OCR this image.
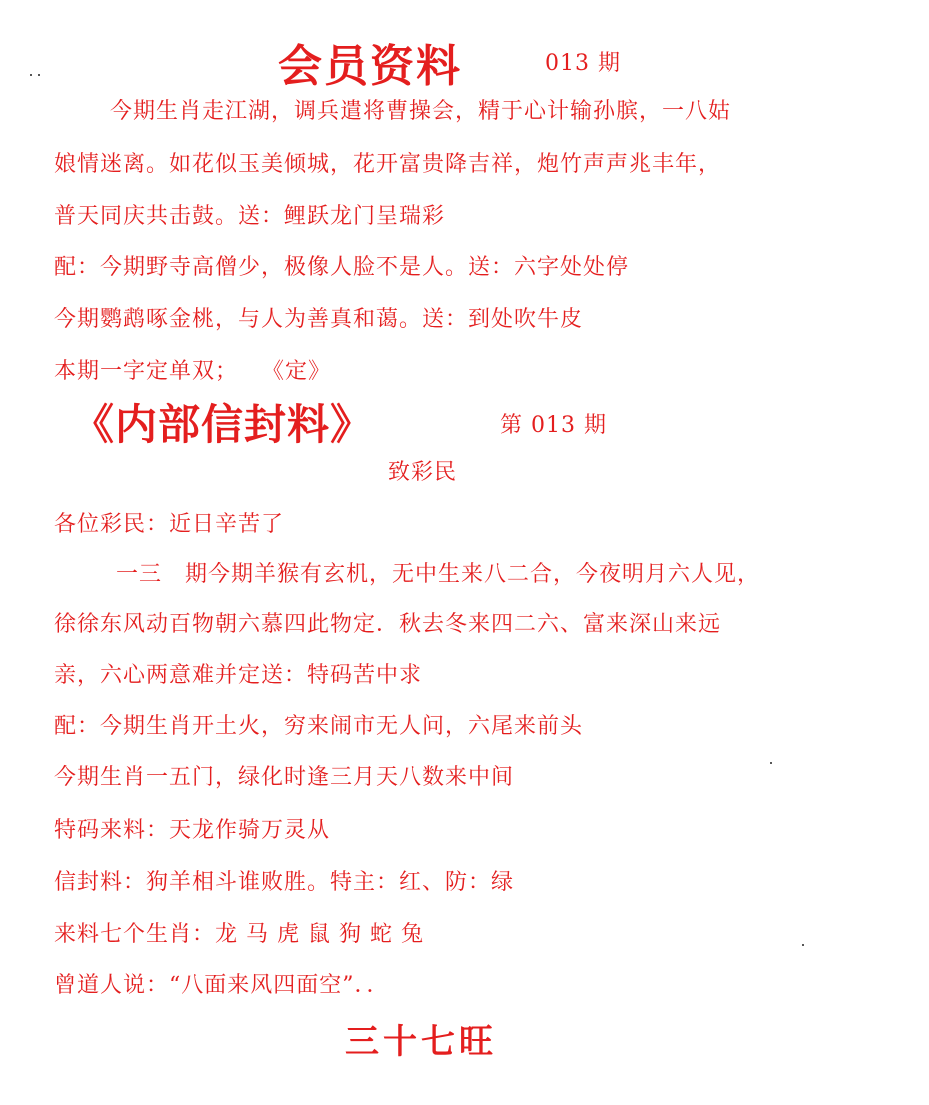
会员资料	013 期
今期生肖走江湖，调兵遣将曹操会，精于心计输孙膑，一八姑
娘情迷离。如花似玉美倾城，花开富贵降吉祥，炮竹声声兆丰年，
普天同庆共击鼓。送：鲤跃龙门呈瑞彩
配：今期野寺高僧少，极像人脸不是人。送：六字处处停
今期鹦鹉啄金桃，与人为善真和蔼。送：到处吹牛皮
本期一字定单双；　　《定》
《内部信封料》	第 013 期
致彩民
各位彩民：近日辛苦了
一三　期今期羊猴有玄机，无中生来八二合，今夜明月六人见，
徐徐东风动百物朝六慕四此物定．秋去冬来四二六、富来深山来远
亲，六心两意难并定送：特码苦中求
配：今期生肖开土火，穷来闹市无人问，六尾来前头
今期生肖一五门，绿化时逢三月天八数来中间
特码来料：天龙作骑万灵从
信封料：狗羊相斗谁败胜。特主：红、防：绿
来料七个生肖：龙 马 虎 鼠 狗 蛇 兔
曾道人说：“八面来风四面空”．．
三十七旺
